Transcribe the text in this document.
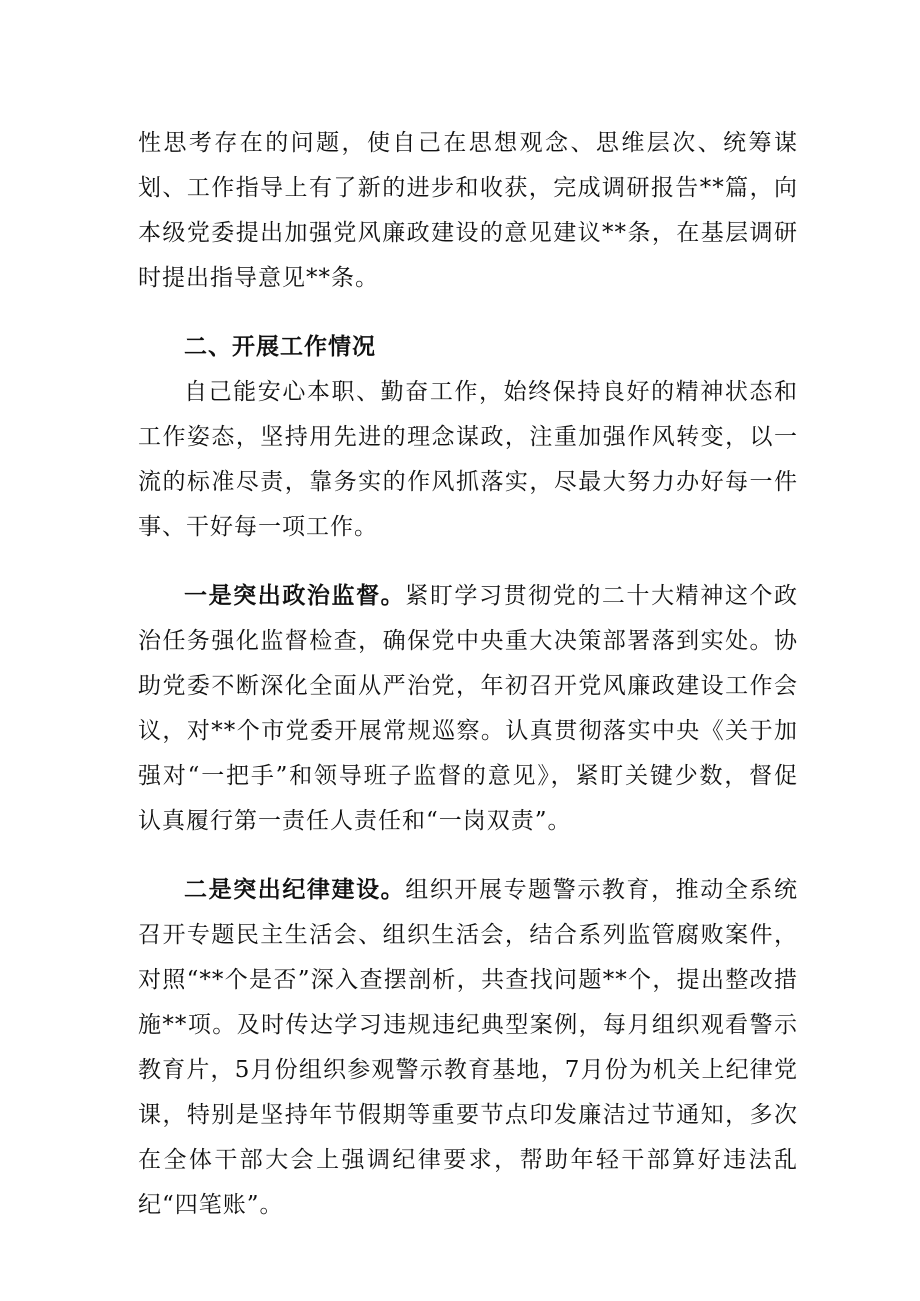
性思考存在的问题，使自己在思想观念、思维层次、统筹谋划、工作指导上有了新的进步和收获，完成调研报告**篇，向本级党委提出加强党风廉政建设的意见建议**条，在基层调研时提出指导意见**条。

二、开展工作情况

自己能安心本职、勤奋工作，始终保持良好的精神状态和工作姿态，坚持用先进的理念谋政，注重加强作风转变，以一流的标准尽责，靠务实的作风抓落实，尽最大努力办好每一件事、干好每一项工作。

一是突出政治监督。紧盯学习贯彻党的二十大精神这个政治任务强化监督检查，确保党中央重大决策部署落到实处。协助党委不断深化全面从严治党，年初召开党风廉政建设工作会议，对**个市党委开展常规巡察。认真贯彻落实中央《关于加强对“一把手”和领导班子监督的意见》，紧盯关键少数，督促认真履行第一责任人责任和“一岗双责”。

二是突出纪律建设。组织开展专题警示教育，推动全系统召开专题民主生活会、组织生活会，结合系列监管腐败案件，对照“**个是否”深入查摆剖析，共查找问题**个，提出整改措施**项。及时传达学习违规违纪典型案例，每月组织观看警示教育片，5月份组织参观警示教育基地，7月份为机关上纪律党课，特别是坚持年节假期等重要节点印发廉洁过节通知，多次在全体干部大会上强调纪律要求，帮助年轻干部算好违法乱纪“四笔账”。
